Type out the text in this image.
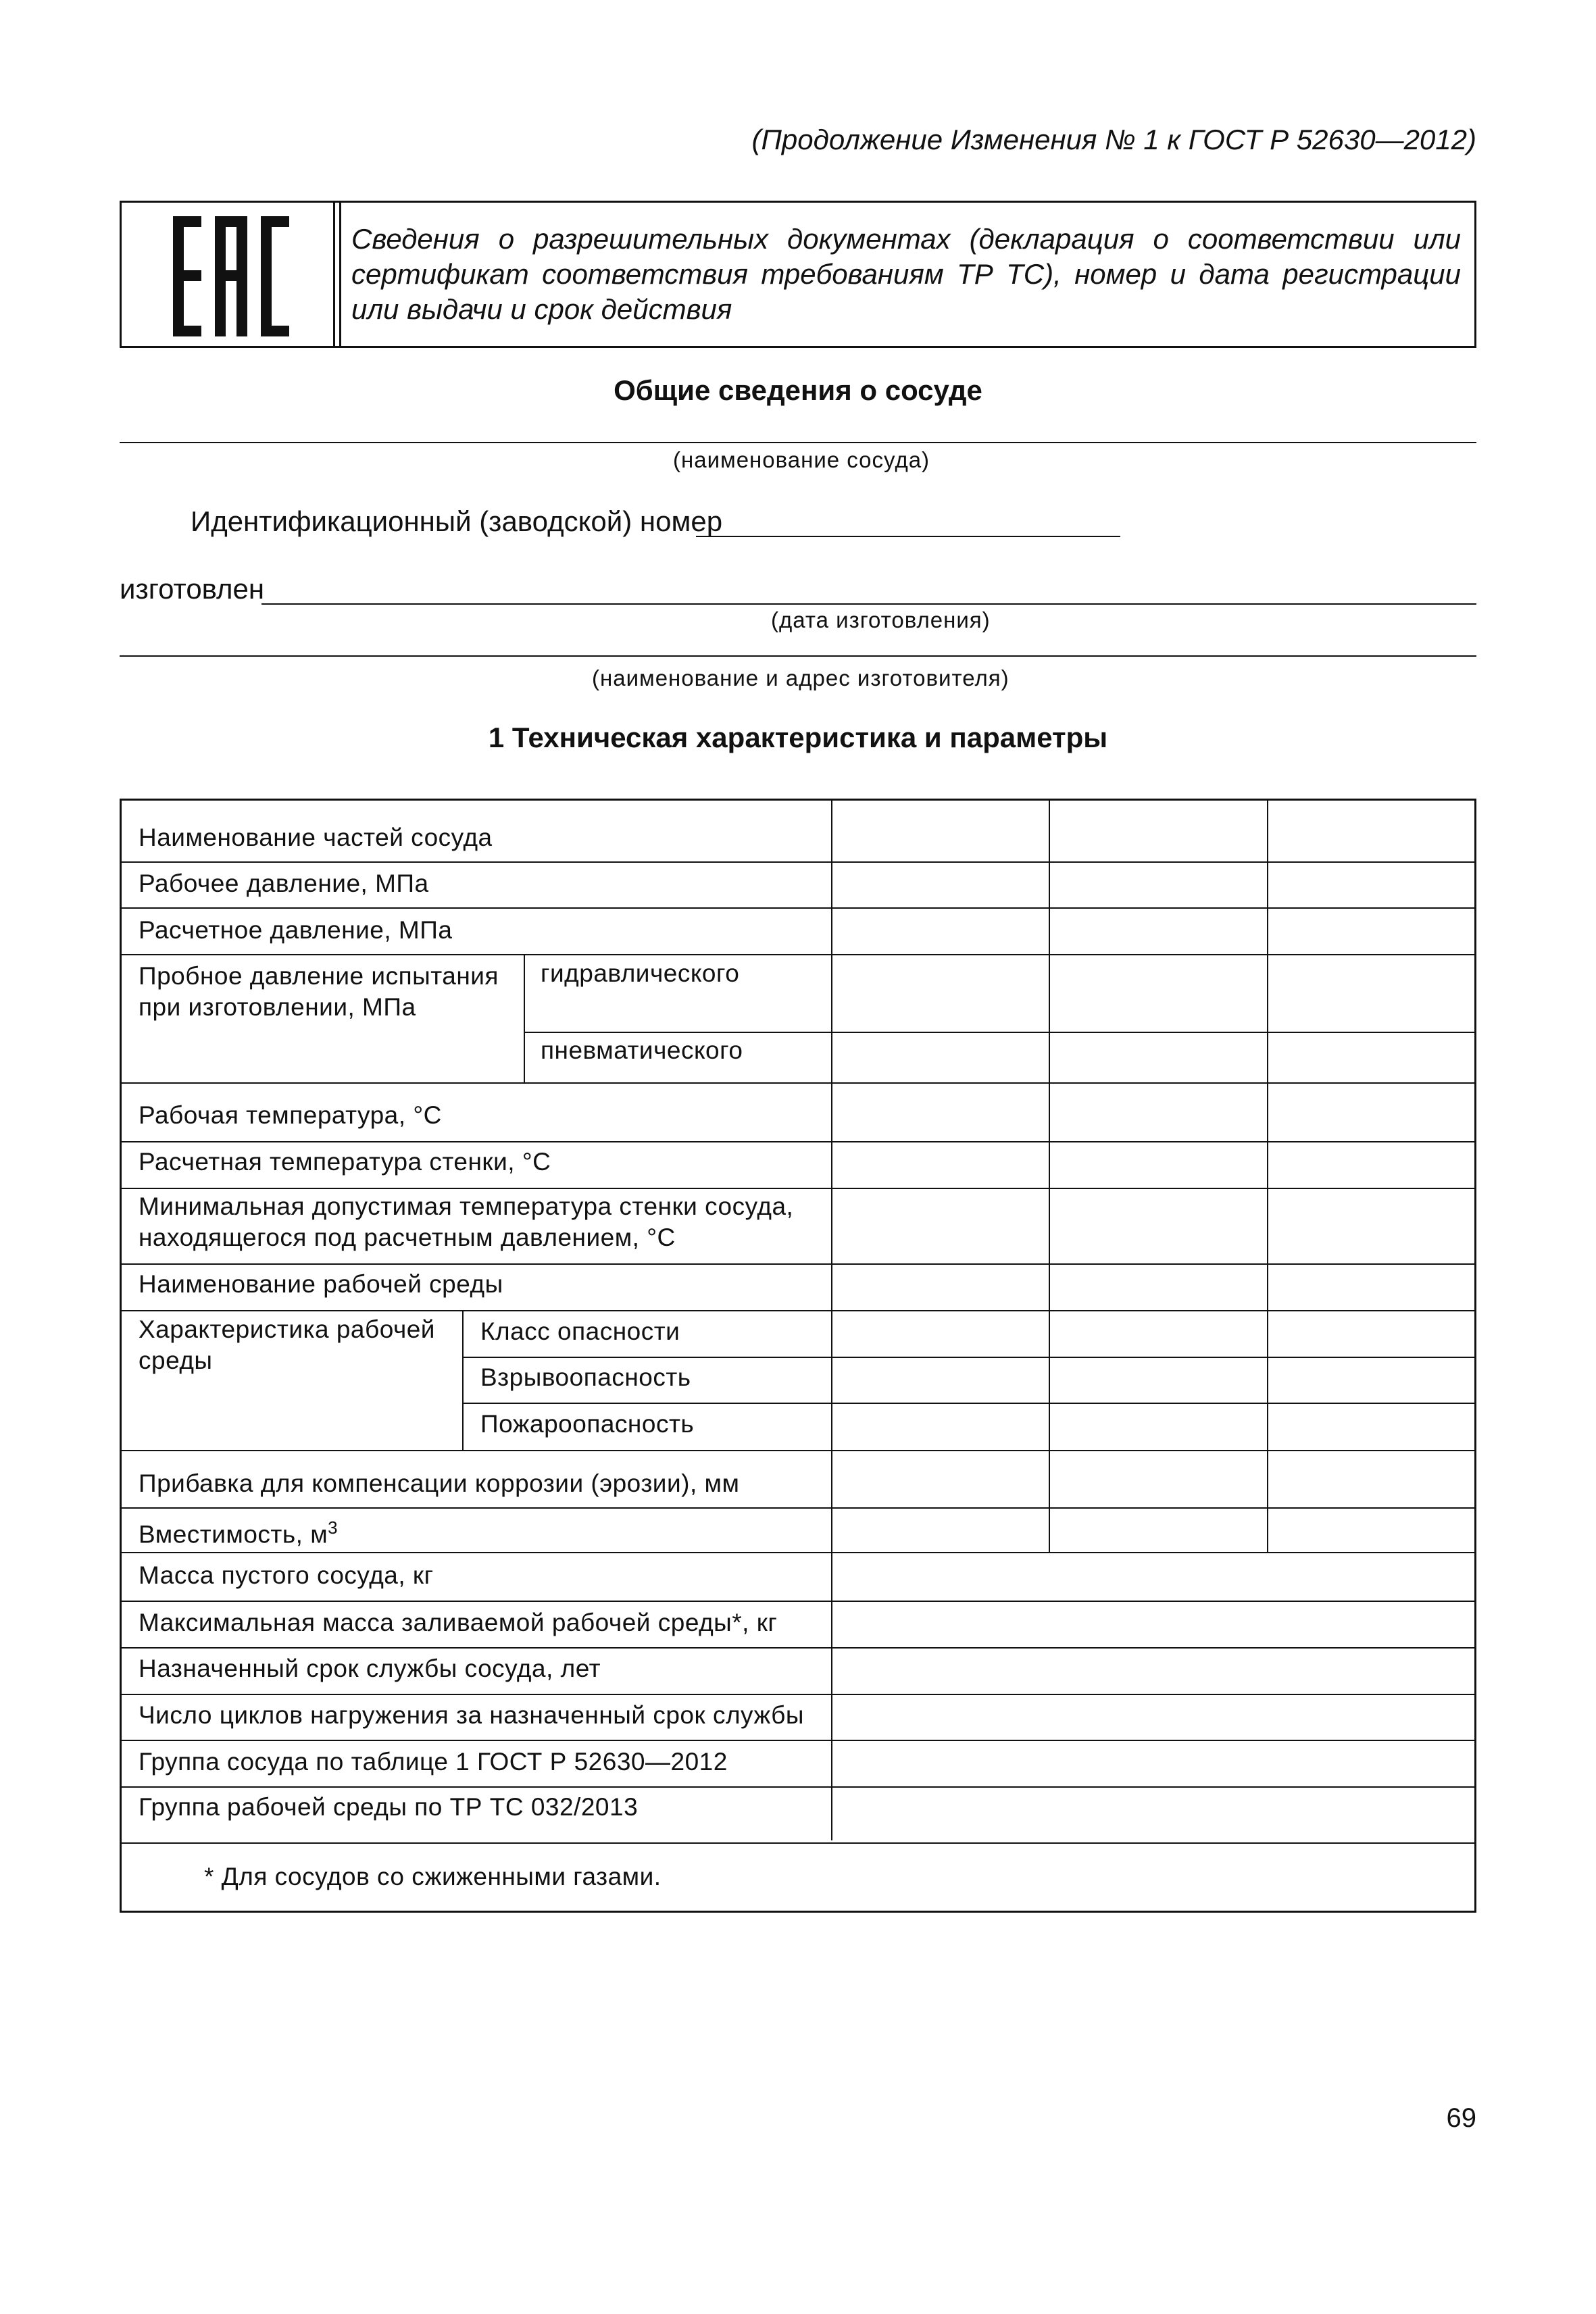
(Продолжение Изменения № 1 к ГОСТ Р 52630—2012)
Сведения о разрешительных документах (декларация о соответствии или сертификат соответствия требованиям ТР ТС), номер и дата регистрации или выдачи и срок действия
Общие сведения о сосуде
(наименование сосуда)
Идентификационный (заводской) номер
изготовлен
(дата изготовления)
(наименование и адрес изготовителя)
1 Техническая характеристика и параметры
Наименование частей сосуда
Рабочее давление, МПа
Расчетное давление, МПа
Пробное давление испытания
при изготовлении, МПа
гидравлического
пневматического
Рабочая температура, °С
Расчетная температура стенки, °С
Минимальная допустимая температура стенки сосуда,
находящегося под расчетным давлением, °С
Наименование рабочей среды
Характеристика рабочей
среды
Класс опасности
Взрывоопасность
Пожароопасность
Прибавка для компенсации коррозии (эрозии), мм
Вместимость, $м^3$
Масса пустого сосуда, кг
Максимальная масса заливаемой рабочей среды*, кг
Назначенный срок службы сосуда, лет
Число циклов нагружения за назначенный срок службы
Группа сосуда по таблице 1 ГОСТ Р 52630—2012
Группа рабочей среды по ТР ТС 032/2013
* Для сосудов со сжиженными газами.
69
